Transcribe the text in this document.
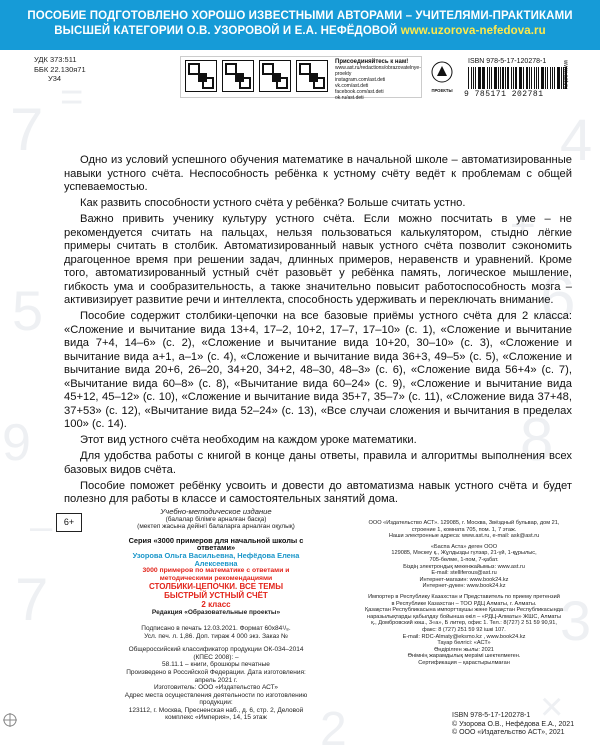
7	4
6
5
8
9
7	3
=
+
–
×
2
ПОСОБИЕ ПОДГОТОВЛЕНО ХОРОШО ИЗВЕСТНЫМИ АВТОРАМИ – УЧИТЕЛЯМИ-ПРАКТИКАМИ
ВЫСШЕЙ КАТЕГОРИИ О.В. УЗОРОВОЙ И Е.А. НЕФЁДОВОЙ www.uzorova-nefedova.ru
УДК 373:511
ББК 22.130я71
У34
Присоединяйтесь к нам!
www.ast.ru/redactions/obrazovatelnye-proekty
instagram.com/ast.deti
vk.com/ast.deti
facebook.com/ast.deti
ok.ru/ast.deti
ПРОЕКТЫ
ISBN 978-5-17-120278-1
9 785171 202781
www.ast.ru

Одно из условий успешного обучения математике в начальной школе – автоматизированные навыки устного счёта. Неспособность ребёнка к устному счёту ведёт к проблемам с общей успеваемостью.

Как развить способности устного счёта у ребёнка? Больше считать устно.

Важно привить ученику культуру устного счёта. Если можно посчитать в уме – не рекомендуется считать на пальцах, нельзя пользоваться калькулятором, стыдно лёгкие примеры считать в столбик. Автоматизированный навык устного счёта позволит сэкономить драгоценное время при решении задач, длинных примеров, неравенств и уравнений. Кроме того, автоматизированный устный счёт разовьёт у ребёнка память, логическое мышление, гибкость ума и сообразительность, а также значительно повысит работоспособность мозга – активизирует развитие речи и интеллекта, способность удерживать и переключать внимание.

Пособие содержит столбики-цепочки на все базовые приёмы устного счёта для 2 класса: «Сложение и вычитание вида 13+4, 17–2, 10+2, 17–7, 17–10» (с. 1), «Сложение и вычитание вида 7+4, 14–6» (с. 2), «Сложение и вычитание вида 10+20, 30–10» (с. 3), «Сложение и вычитание вида а+1, а–1» (с. 4), «Сложение и вычитание вида 36+3, 49–5» (с. 5), «Сложение и вычитание вида 20+6, 26–20, 34+20, 34+2, 48–30, 48–3» (с. 6), «Сложение вида 56+4» (с. 7), «Вычитание вида 60–8» (с. 8), «Вычитание вида 60–24» (с. 9), «Сложение и вычитание вида 45+12, 45–12» (с. 10), «Сложение и вычитание вида 35+7, 35–7» (с. 11), «Сложение вида 37+48, 37+53» (с. 12), «Вычитание вида 52–24» (с. 13), «Все случаи сложения и вычитания в пределах 100» (с. 14).

Этот вид устного счёта необходим на каждом уроке математики.

Для удобства работы с книгой в конце даны ответы, правила и алгоритмы выполнения всех базовых видов счёта.

Пособие поможет ребёнку усвоить и довести до автоматизма навык устного счёта и будет полезно для работы в классе и самостоятельных занятий дома.

6+
Учебно-методическое издание
(балалар білімге арналған басқа)
(мектеп жасына дейінгі балаларға арналған оқулық)
Серия «3000 примеров для начальной школы с ответами»
Узорова Ольга Васильевна, Нефёдова Елена Алексеевна
3000 примеров по математике с ответами и методическими рекомендациями
СТОЛБИКИ-ЦЕПОЧКИ. ВСЕ ТЕМЫ
БЫСТРЫЙ УСТНЫЙ СЧЁТ
2 класс
Редакция «Образовательные проекты»
Подписано в печать 12.03.2021. Формат 60х84¹/₈.
Усл. печ. л. 1,86. Доп. тираж 4 000 экз. Заказ №
Общероссийский классификатор продукции ОК-034–2014 (КПЕС 2008): –
58.11.1 – книги, брошюры печатные
Произведено в Российской Федерации. Дата изготовления: апрель 2021 г.
Изготовитель: ООО «Издательство АСТ»
Адрес места осуществления деятельности по изготовлению продукции:
123112, г. Москва, Пресненская наб., д. 6, стр. 2, Деловой комплекс «Империя», 14, 15 этаж
ООО «Издательство АСТ». 129085, г. Москва, Звёздный бульвар, дом 21,
строение 1, комната 705, пом. 1, 7 этаж.
Наши электронные адреса: www.ast.ru, e-mail: ask@ast.ru
«Баспа Аста» деген ООО
129085, Мәскеу қ., Жұлдызды гүлзар, 21-үй, 1-құрылыс,
705-бөлме, 1-пом, 7-қабат.
Біздің электрондық мекенжайымыз: www.ast.ru
E-mail: stelliferous@ast.ru
Интернет-магазин: www.book24.kz
Интернет-дүкен: www.book24.kz
Импортер в Республику Казахстан и Представитель по приему претензий
в Республике Казахстан – ТОО РДЦ Алматы, г. Алматы.
Қазақстан Республикасына импорттаушы және Қазақстан Республикасында
наразылықтарды қабылдау бойынша өкіл – «РДЦ-Алматы» ЖШС, Алматы
қ., Домбровский көш., 3«а», Б литер, офис 1. Тел.: 8(727) 2 51 59 90,91,
факс: 8 (727) 251 59 92 ішкі 107.
E-mail: RDC-Almaty@eksmo.kz , www.book24.kz
Тауар белгісі: «АСТ»
Өндірілген жылы: 2021
Өнімнің жарамдылық мерзімі шектелмеген.
Сертификация – қарастырылмаған
ISBN 978-5-17-120278-1
© Узорова О.В., Нефёдова Е.А., 2021
© ООО «Издательство АСТ», 2021
